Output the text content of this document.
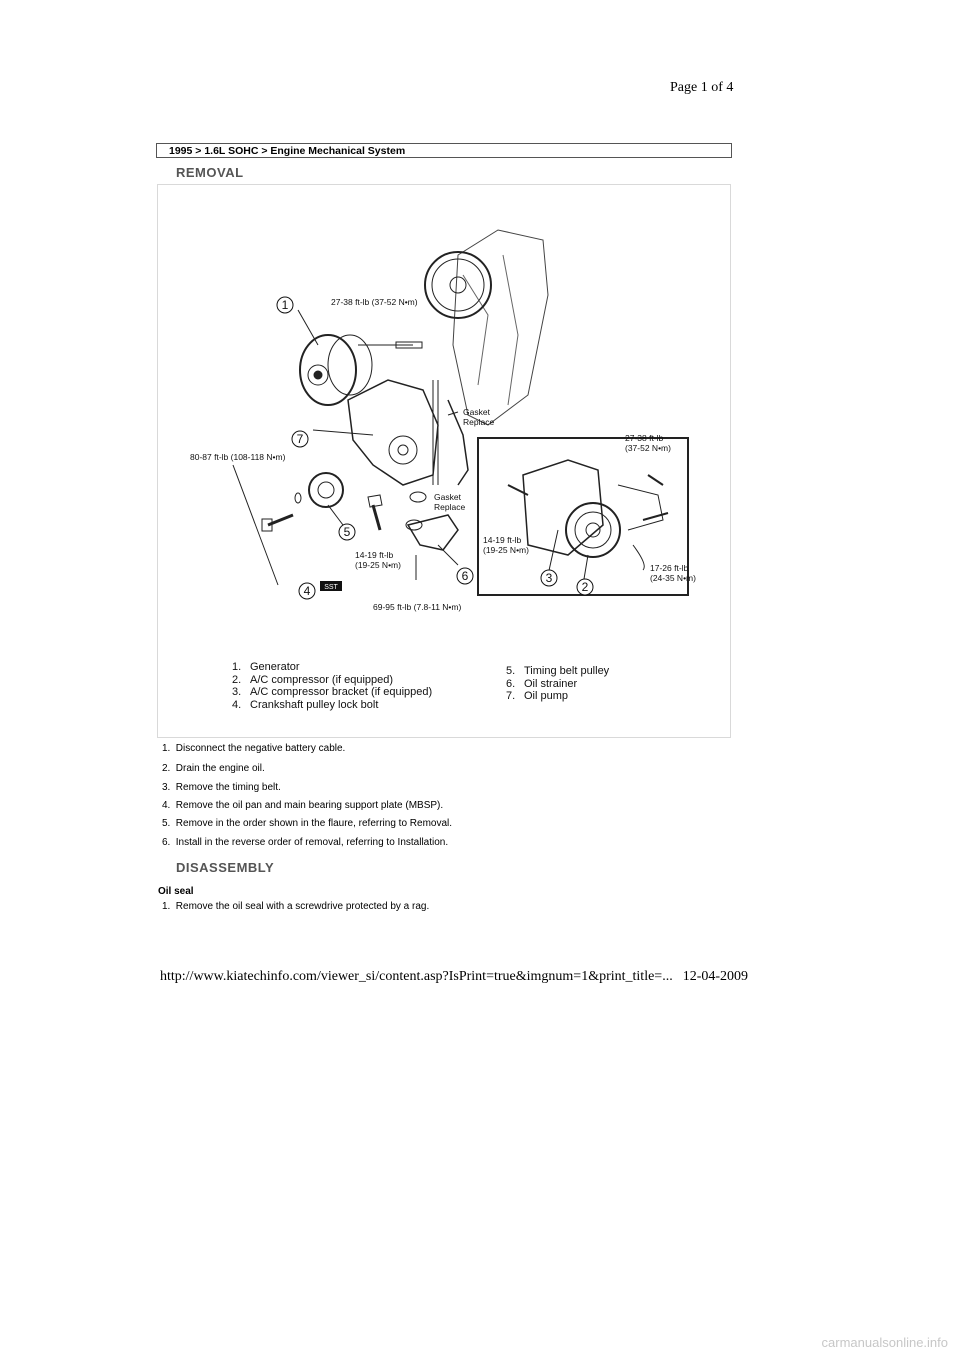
Page 1 of 4
1995 > 1.6L SOHC > Engine Mechanical System
REMOVAL
1
2
3
4
5
6
7
SST
27-38 ft-lb (37-52 N•m)
Gasket
Replace
80-87 ft-lb (108-118 N•m)
Gasket
Replace
14-19 ft-lb
(19-25 N•m)
69-95 ft-lb (7.8-11 N•m)
27-38 ft-lb
(37-52 N•m)
14-19 ft-lb
(19-25 N•m)
17-26 ft-lb
(24-35 N•m)
1. Generator
2. A/C compressor (if equipped)
3. A/C compressor bracket (if equipped)
4. Crankshaft pulley lock bolt
5. Timing belt pulley
6. Oil strainer
7. Oil pump
1. Disconnect the negative battery cable.
2. Drain the engine oil.
3. Remove the timing belt.
4. Remove the oil pan and main bearing support plate (MBSP).
5. Remove in the order shown in the flaure, referring to Removal.
6. Install in the reverse order of removal, referring to Installation.
DISASSEMBLY
Oil seal
1. Remove the oil seal with a screwdrive protected by a rag.
http://www.kiatechinfo.com/viewer_si/content.asp?IsPrint=true&imgnum=1&print_title=... 12-04-2009
carmanualsonline.info
